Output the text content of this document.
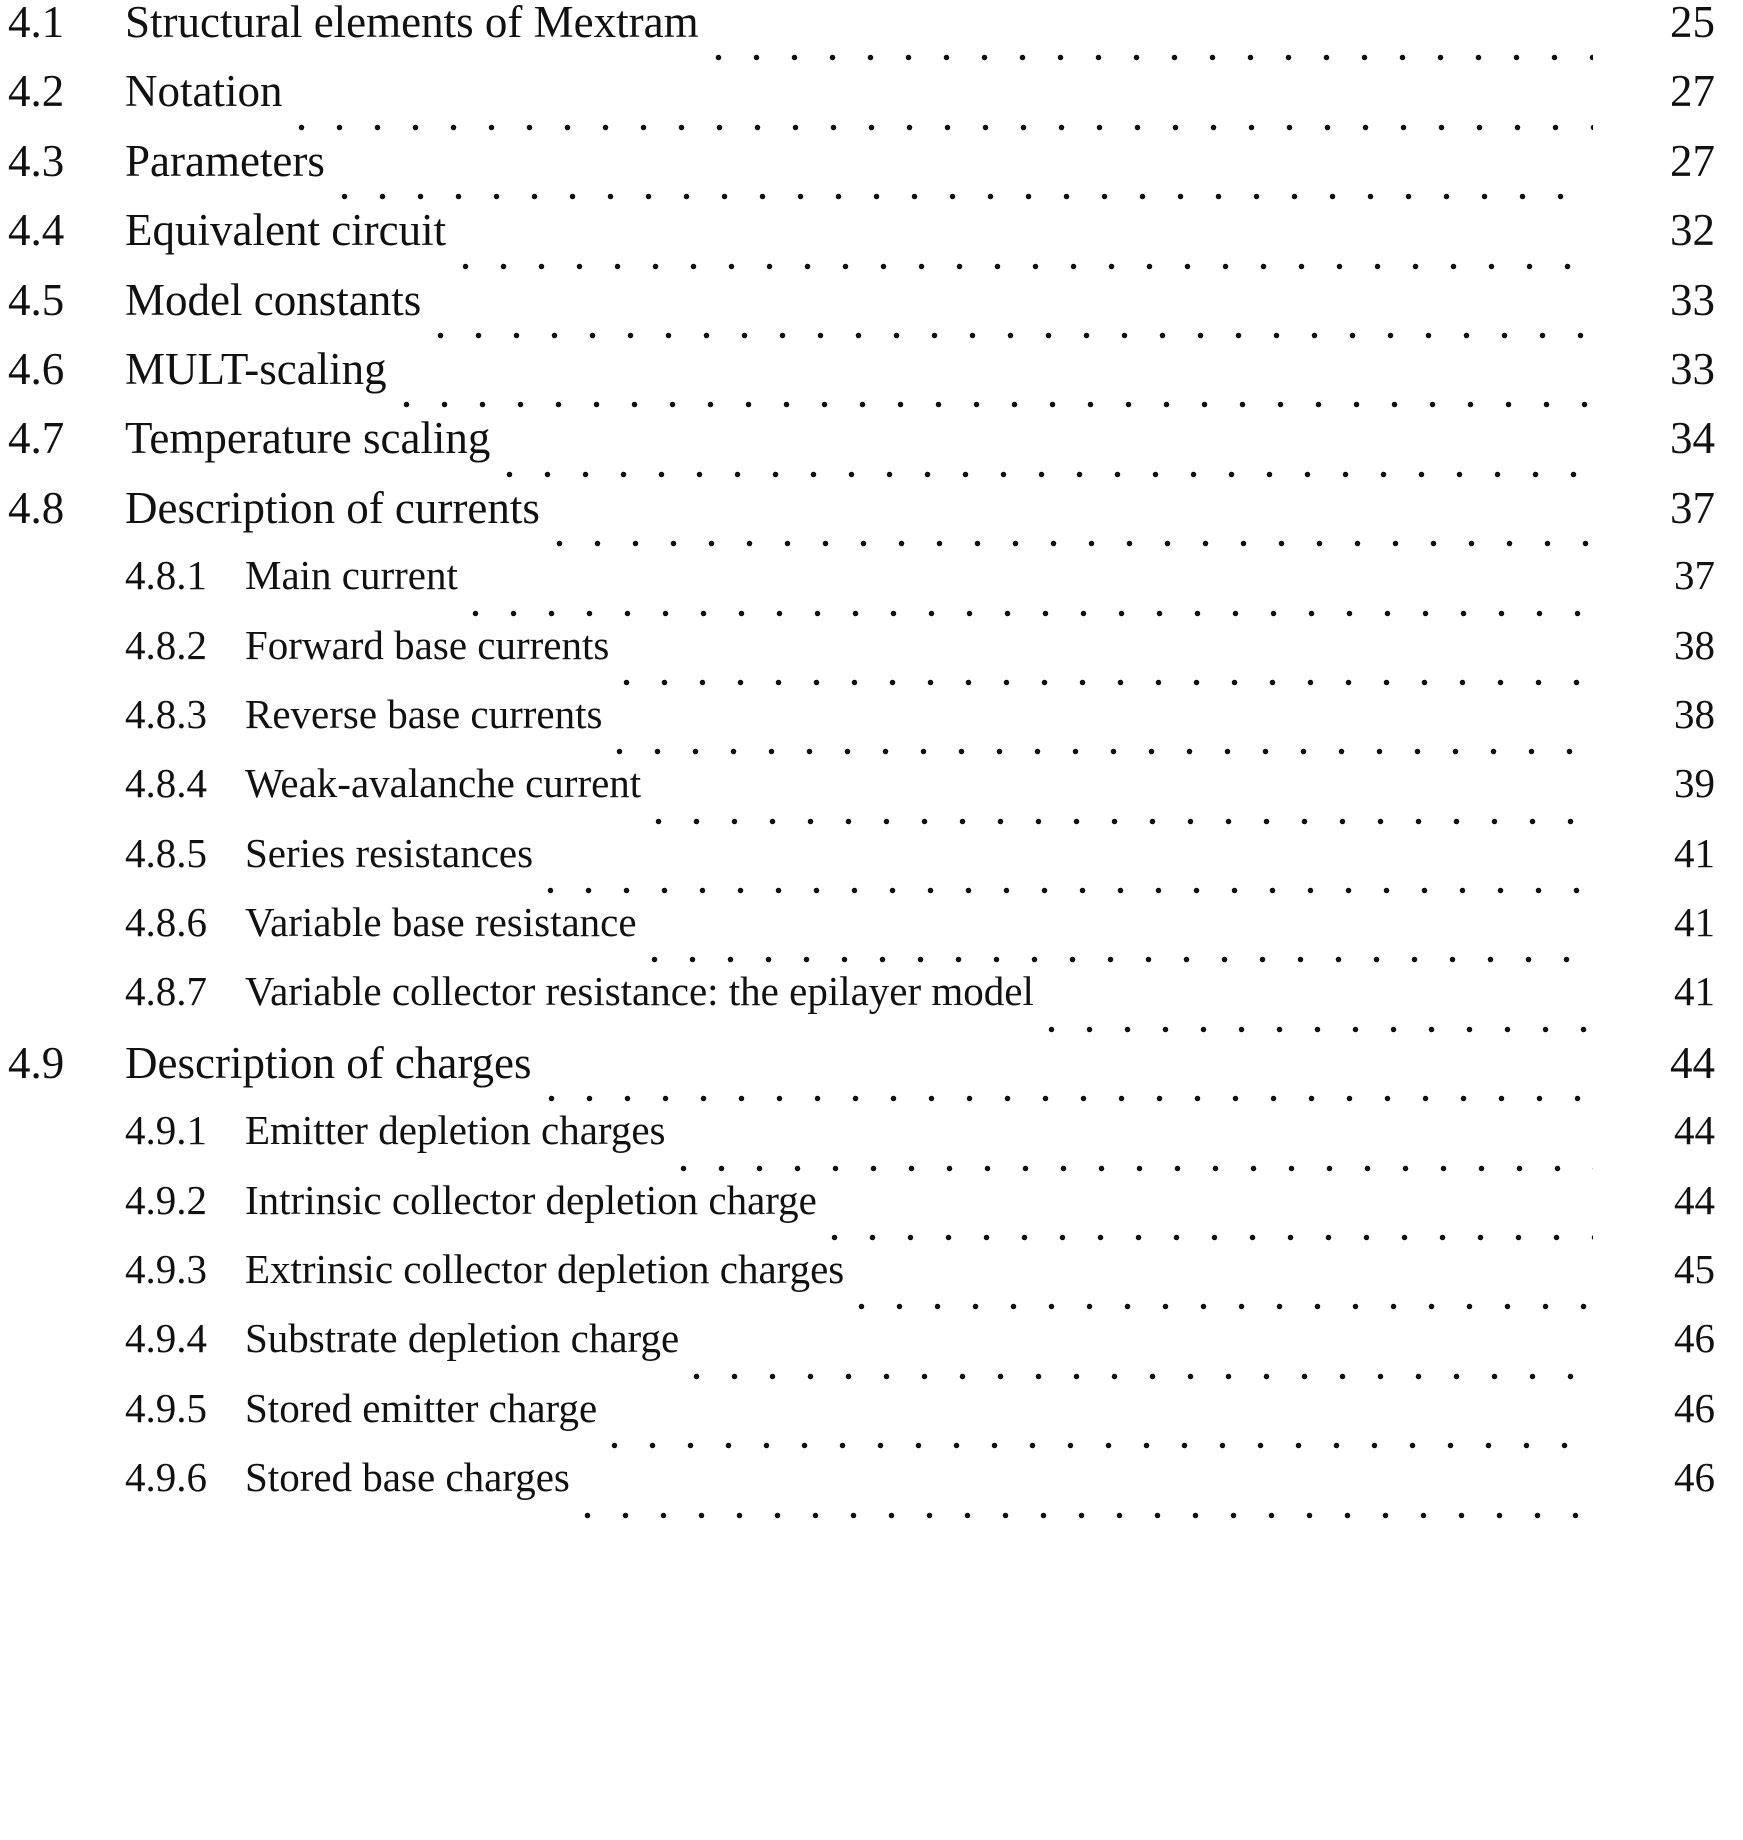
4.1	Structural elements of Mextram	25
4.2	Notation	27
4.3	Parameters	27
4.4	Equivalent circuit	32
4.5	Model constants	33
4.6	MULT-scaling	33
4.7	Temperature scaling	34
4.8	Description of currents	37
4.8.1 Main current	37
4.8.2 Forward base currents	38
4.8.3 Reverse base currents	38
4.8.4 Weak-avalanche current	39
4.8.5 Series resistances	41
4.8.6 Variable base resistance	41
4.8.7 Variable collector resistance: the epilayer model	41
4.9	Description of charges	44
4.9.1 Emitter depletion charges	44
4.9.2 Intrinsic collector depletion charge	44
4.9.3 Extrinsic collector depletion charges	45
4.9.4 Substrate depletion charge	46
4.9.5 Stored emitter charge	46
4.9.6 Stored base charges	46
